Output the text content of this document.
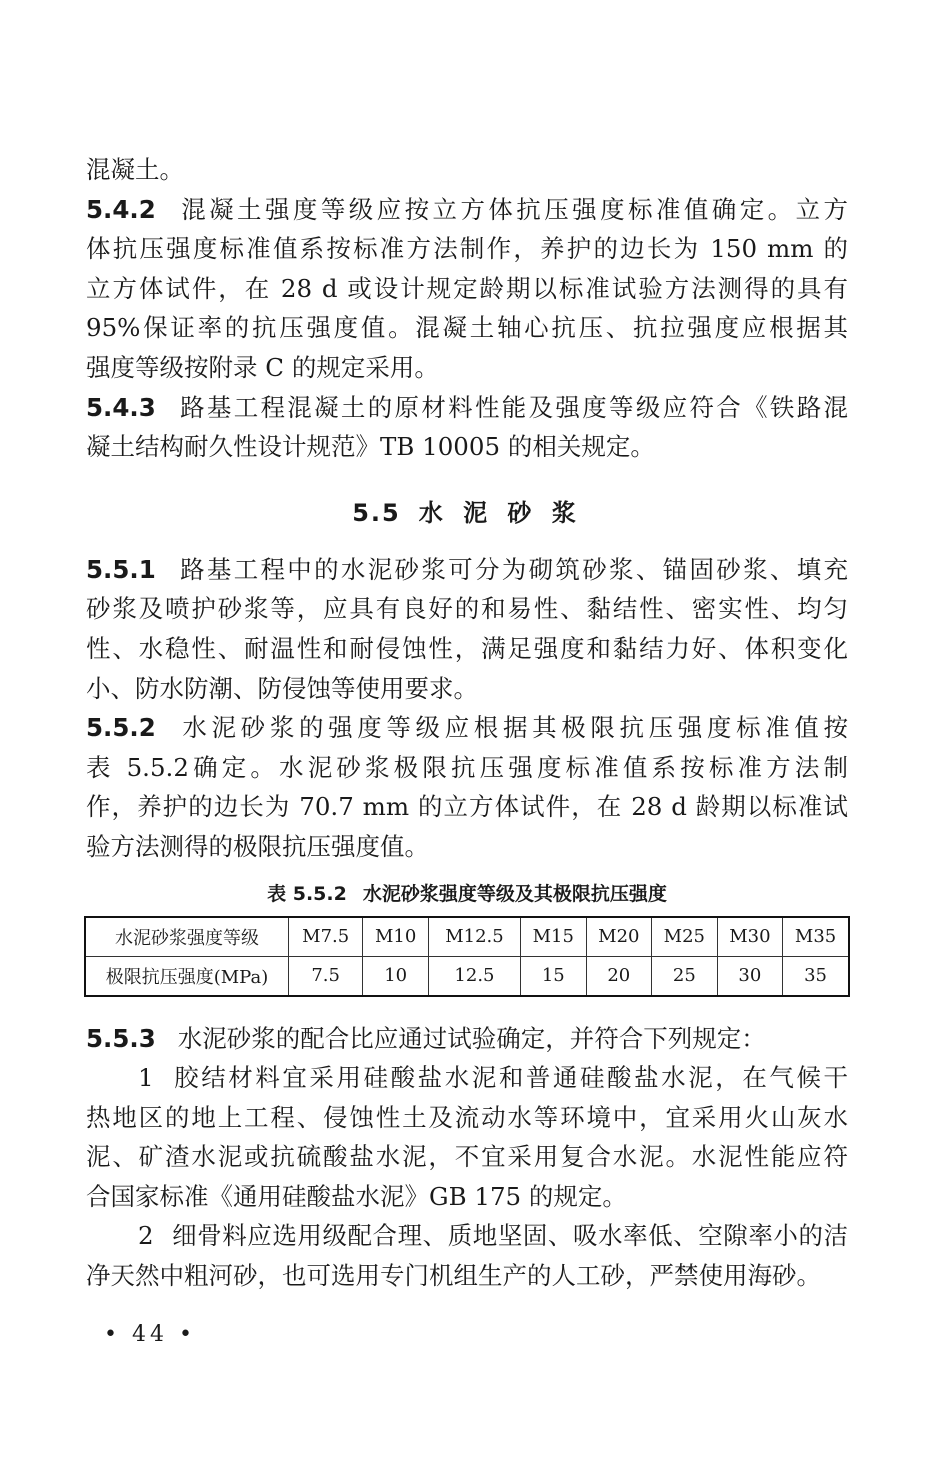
混凝土。
5.4.2 混凝土强度等级应按立方体抗压强度标准值确定。立方
体抗压强度标准值系按标准方法制作，养护的边长为 150 mm 的
立方体试件，在 28 d 或设计规定龄期以标准试验方法测得的具有
95%保证率的抗压强度值。混凝土轴心抗压、抗拉强度应根据其
强度等级按附录 C 的规定采用。
5.4.3 路基工程混凝土的原材料性能及强度等级应符合《铁路混
凝土结构耐久性设计规范》TB 10005 的相关规定。
5.5 水 泥 砂 浆
5.5.1 路基工程中的水泥砂浆可分为砌筑砂浆、锚固砂浆、填充
砂浆及喷护砂浆等，应具有良好的和易性、黏结性、密实性、均匀
性、水稳性、耐温性和耐侵蚀性，满足强度和黏结力好、体积变化
小、防水防潮、防侵蚀等使用要求。
5.5.2 水泥砂浆的强度等级应根据其极限抗压强度标准值按
表 5.5.2确定。水泥砂浆极限抗压强度标准值系按标准方法制
作，养护的边长为 70.7 mm 的立方体试件，在 28 d 龄期以标准试
验方法测得的极限抗压强度值。
表 5.5.2 水泥砂浆强度等级及其极限抗压强度
水泥砂浆强度等级	M7.5	M10	M12.5	M15	M20	M25	M30	M35
极限抗压强度(MPa)	7.5	10	12.5	15	20	25	30	35
5.5.3 水泥砂浆的配合比应通过试验确定，并符合下列规定：
1 胶结材料宜采用硅酸盐水泥和普通硅酸盐水泥，在气候干
热地区的地上工程、侵蚀性土及流动水等环境中，宜采用火山灰水
泥、矿渣水泥或抗硫酸盐水泥，不宜采用复合水泥。水泥性能应符
合国家标准《通用硅酸盐水泥》GB 175 的规定。
2 细骨料应选用级配合理、质地坚固、吸水率低、空隙率小的洁
净天然中粗河砂，也可选用专门机组生产的人工砂，严禁使用海砂。
• 44 •
